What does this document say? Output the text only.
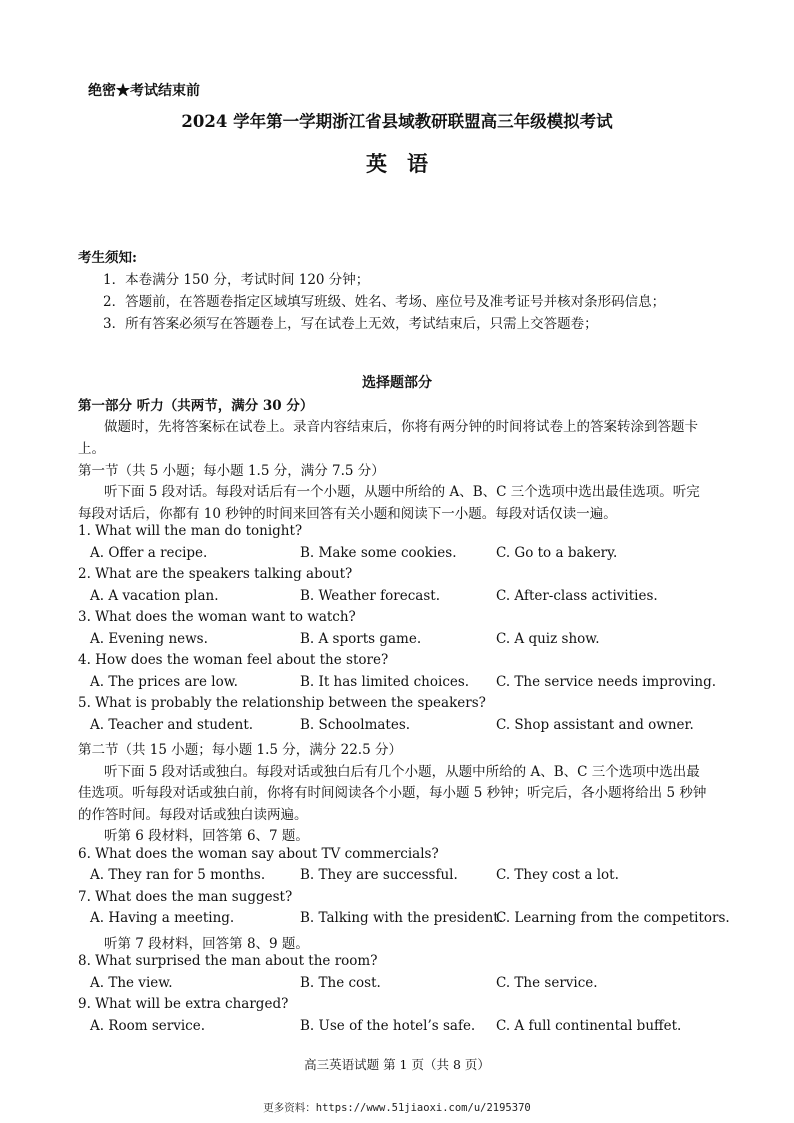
绝密★考试结束前
2024 学年第一学期浙江省县域教研联盟高三年级模拟考试
英语
考生须知:
1．本卷满分 150 分，考试时间 120 分钟；
2．答题前，在答题卷指定区域填写班级、姓名、考场、座位号及准考证号并核对条形码信息；
3．所有答案必须写在答题卷上，写在试卷上无效，考试结束后，只需上交答题卷；
选择题部分
第一部分 听力（共两节，满分 30 分）
做题时，先将答案标在试卷上。录音内容结束后，你将有两分钟的时间将试卷上的答案转涂到答题卡
上。
第一节（共 5 小题；每小题 1.5 分，满分 7.5 分）
听下面 5 段对话。每段对话后有一个小题，从题中所给的 A、B、C 三个选项中选出最佳选项。听完
每段对话后，你都有 10 秒钟的时间来回答有关小题和阅读下一小题。每段对话仅读一遍。
1. What will the man do tonight?
A. Offer a recipe.	B. Make some cookies.	C. Go to a bakery.
2. What are the speakers talking about?
A. A vacation plan.	B. Weather forecast.	C. After-class activities.
3. What does the woman want to watch?
A. Evening news.	B. A sports game.	C. A quiz show.
4. How does the woman feel about the store?
A. The prices are low.	B. It has limited choices. C. The service needs improving.
5. What is probably the relationship between the speakers?
A. Teacher and student.	B. Schoolmates.	C. Shop assistant and owner.
第二节（共 15 小题；每小题 1.5 分，满分 22.5 分）
听下面 5 段对话或独白。每段对话或独白后有几个小题，从题中所给的 A、B、C 三个选项中选出最
佳选项。听每段对话或独白前，你将有时间阅读各个小题，每小题 5 秒钟；听完后，各小题将给出 5 秒钟
的作答时间。每段对话或独白读两遍。
听第 6 段材料，回答第 6、7 题。
6. What does the woman say about TV commercials?
A. They ran for 5 months.	B. They are successful.	C. They cost a lot.
7. What does the man suggest?
A. Having a meeting.	B. Talking with the president.
C. Learning from the competitors.
听第 7 段材料，回答第 8、9 题。
8. What surprised the man about the room?
A. The view.	B. The cost.	C. The service.
9. What will be extra charged?
A. Room service.	B. Use of the hotel’s safe. C. A full continental buffet.
高三英语试题 第 1 页（共 8 页）
更多资料：https://www.51jiaoxi.com/u/2195370
